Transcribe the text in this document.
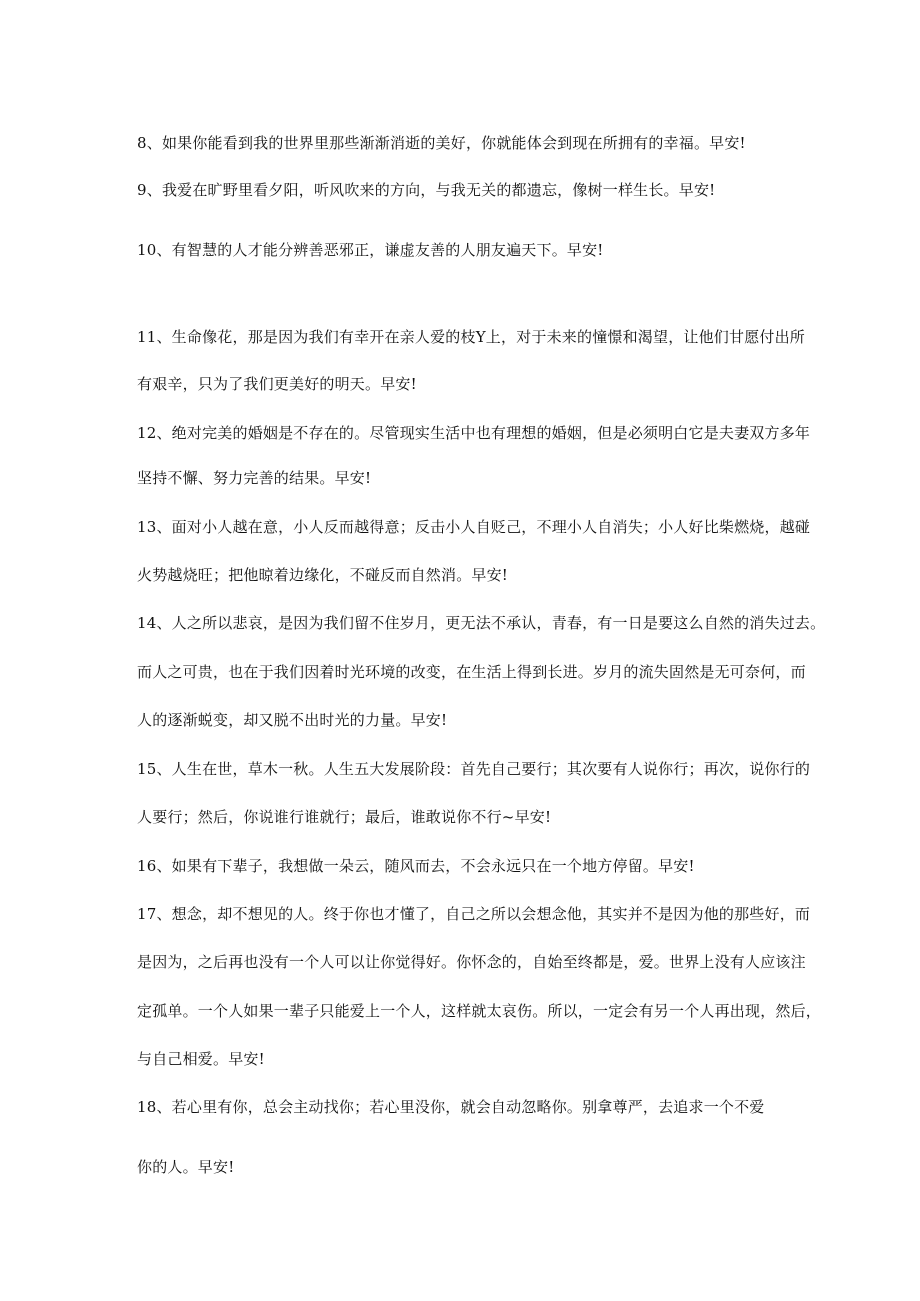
8、如果你能看到我的世界里那些渐渐消逝的美好，你就能体会到现在所拥有的幸福。早安!
9、我爱在旷野里看夕阳，听风吹来的方向，与我无关的都遗忘，像树一样生长。早安!
10、有智慧的人才能分辨善恶邪正，谦虚友善的人朋友遍天下。早安!
11、生命像花，那是因为我们有幸开在亲人爱的枝Y上，对于未来的憧憬和渴望，让他们甘愿付出所
有艰辛，只为了我们更美好的明天。早安!
12、绝对完美的婚姻是不存在的。尽管现实生活中也有理想的婚姻，但是必须明白它是夫妻双方多年
坚持不懈、努力完善的结果。早安!
13、面对小人越在意，小人反而越得意；反击小人自贬己，不理小人自消失；小人好比柴燃烧，越碰
火势越烧旺；把他晾着边缘化，不碰反而自然消。早安!
14、人之所以悲哀，是因为我们留不住岁月，更无法不承认，青春，有一日是要这么自然的消失过去。
而人之可贵，也在于我们因着时光环境的改变，在生活上得到长进。岁月的流失固然是无可奈何，而
人的逐渐蜕变，却又脱不出时光的力量。早安!
15、人生在世，草木一秋。人生五大发展阶段：首先自己要行；其次要有人说你行；再次，说你行的
人要行；然后，你说谁行谁就行；最后，谁敢说你不行~早安!
16、如果有下辈子，我想做一朵云，随风而去，不会永远只在一个地方停留。早安!
17、想念，却不想见的人。终于你也才懂了，自己之所以会想念他，其实并不是因为他的那些好，而
是因为，之后再也没有一个人可以让你觉得好。你怀念的，自始至终都是，爱。世界上没有人应该注
定孤单。一个人如果一辈子只能爱上一个人，这样就太哀伤。所以，一定会有另一个人再出现，然后，
与自己相爱。早安!
18、若心里有你，总会主动找你；若心里没你，就会自动忽略你。别拿尊严，去追求一个不爱
你的人。早安!
